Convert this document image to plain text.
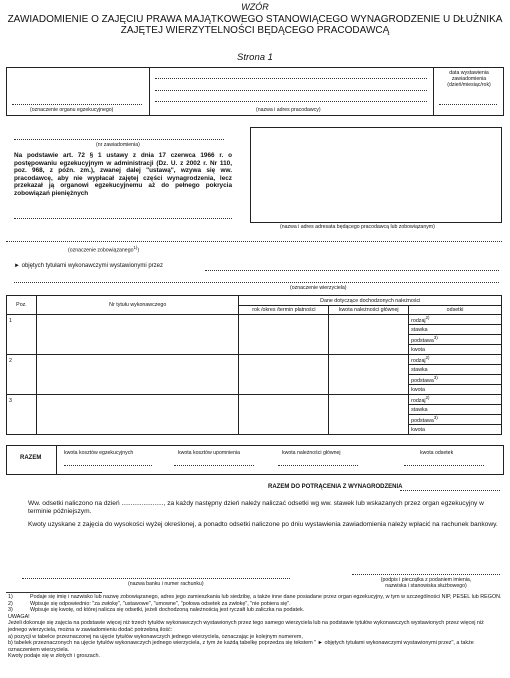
WZÓR
ZAWIADOMIENIE O ZAJĘCIU PRAWA MAJĄTKOWEGO STANOWIĄCEGO WYNAGRODZENIE U DŁUŻNIKA
ZAJĘTEJ WIERZYTELNOŚCI BĘDĄCEGO PRACODAWCĄ
Strona 1
(oznaczenie organu egzekucyjnego)	(nazwa i adres pracodawcy)
data wystawienia
zawiadomienia
(dzień/miesiąc/rok)
(nr zawiadomienia)
Na podstawie art. 72 § 1 ustawy z dnia 17 czerwca 1966 r. o postępowaniu egzekucyjnym w administracji (Dz. U. z 2002 r. Nr 110, poz. 968, z późn. zm.), zwanej dalej "ustawą", wzywa się ww. pracodawcę, aby nie wypłacał zajętej części wynagrodzenia, lecz przekazał ją organowi egzekucyjnemu aż do pełnego pokrycia zobowiązań pieniężnych
(nazwa i adres adresata będącego pracodawcą lub zobowiązanym)
(oznaczenie zobowiązanego$^{1)}$)
► objętych tytułami wykonawczymi wystawionymi przez
(oznaczenie wierzyciela)
Poz.	Nr tytułu wykonawczego	Dane dotyczące dochodzonych należności		
		rok /okres /termin płatności	kwota należności głównej	odsetki
1				rodzaj$^{2)}$
				stawka
				podstawa$^{3)}$
				kwota
2				rodzaj$^{2)}$
				stawka
				podstawa$^{3)}$
				kwota
3				rodzaj$^{2)}$
				stawka
				podstawa$^{3)}$
				kwota
RAZEM
kwota kosztów egzekucyjnych	kwota kosztów upomnienia	kwota należności głównej	kwota odsetek
RAZEM DO POTRĄCENIA Z WYNAGRODZENIA
Ww. odsetki naliczono na dzień ......................., za każdy następny dzień należy naliczać odsetki wg ww. stawek lub wskazanych przez organ egzekucyjny w terminie późniejszym.
Kwoty uzyskane z zajęcia do wysokości wyżej określonej, a ponadto odsetki naliczone po dniu wystawienia zawiadomienia należy wpłacić na rachunek bankowy.
(nazwa banku i numer rachunku)
(podpis i pieczątka z podaniem imienia,
nazwiska i stanowiska służbowego)
1)	Podaje się imię i nazwisko lub nazwę zobowiązanego, adres jego zamieszkania lub siedzibę, a także inne dane posiadane przez organ egzekucyjny, w tym w szczególności NIP, PESEL lub REGON.
2)	Wpisuje się odpowiednio: "za zwłokę", "ustawowe", "umowne", "połowa odsetek za zwłokę", "nie pobiera się".
3)	Wpisuje się kwotę, od której nalicza się odsetki, jeżeli dochodzoną należnością jest ryczałt lub zaliczka na podatek.
UWAGA!
Jeżeli dokonuje się zajęcia na podstawie więcej niż trzech tytułów wykonawczych wystawionych przez tego samego wierzyciela lub na podstawie tytułów wykonawczych wystawionych przez więcej niż jednego wierzyciela, można w zawiadomieniu dodać potrzebną ilość:
a) pozycji w tabelce przeznaczonej na ujęcie tytułów wykonawczych jednego wierzyciela, oznaczając je kolejnym numerem,
b) tabelek przeznaczonych na ujęcie tytułów wykonawczych jednego wierzyciela, z tym że każdą tabelkę poprzedza się tekstem " ► objętych tytułami wykonawczymi wystawionymi przez", a także oznaczeniem wierzyciela.
Kwoty podaje się w złotych i groszach.
